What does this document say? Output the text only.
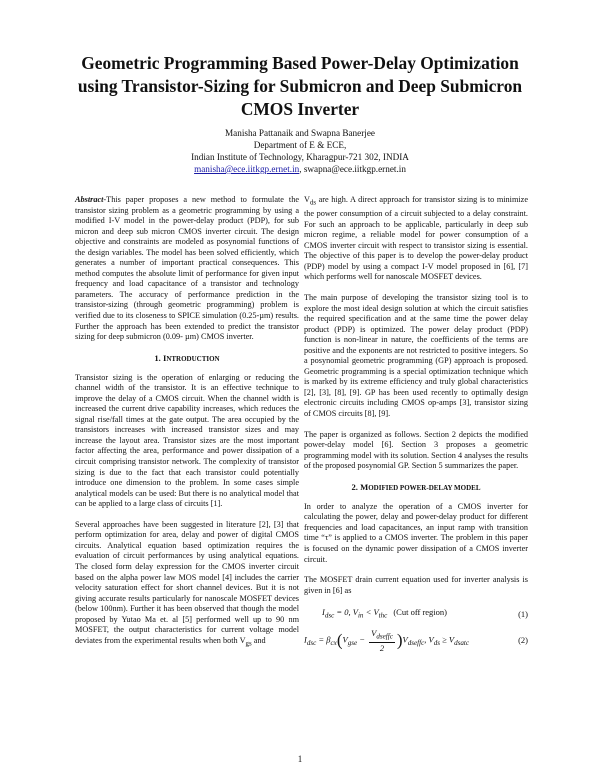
Geometric Programming Based Power-Delay Optimization using Transistor-Sizing for Submicron and Deep Submicron CMOS Inverter
Manisha Pattanaik and Swapna Banerjee
Department of E & ECE,
Indian Institute of Technology, Kharagpur-721 302, INDIA
manisha@ece.iitkgp.ernet.in, swapna@ece.iitkgp.ernet.in

Abstract-This paper proposes a new method to formulate the transistor sizing problem as a geometric programming by using a modified I-V model in the power-delay product (PDP), for sub micron and deep sub micron CMOS inverter circuit. The design objective and constraints are modeled as posynomial functions of the design variables. The model has been solved efficiently, which generates a number of important practical consequences. This method computes the absolute limit of performance for given input frequency and load capacitance of a transistor and technology parameters. The accuracy of performance prediction in the transistor-sizing (through geometric programming) problem is verified due to its closeness to SPICE simulation (0.25-µm) results. Further the approach has been extended to predict the transistor sizing for deep submicron (0.09- µm) CMOS inverter.

1. INTRODUCTION

Transistor sizing is the operation of enlarging or reducing the channel width of the transistor. It is an effective technique to improve the delay of a CMOS circuit. When the channel width is increased the current drive capability increases, which reduces the signal rise/fall times at the gate output. The area occupied by the transistors increases with increased transistor sizes and may increase the layout area. Transistor sizes are the most important factor affecting the area, performance and power dissipation of a circuit comprising transistor network. The complexity of transistor sizing is due to the fact that each transistor could potentially introduce one dimension to the problem. In some cases simple analytical models can be used: But there is no analytical model that can be applied to a large class of circuits [1].

Several approaches have been suggested in literature [2], [3] that perform optimization for area, delay and power of digital CMOS circuits. Analytical equation based optimization requires the evaluation of circuit performances by using analytical equations. The closed form delay expression for the CMOS inverter circuit based on the alpha power law MOS model [4] includes the carrier velocity saturation effect for short channel devices. But it is not giving accurate results particularly for nanoscale MOSFET devices (below 100nm). Further it has been observed that though the model proposed by Yutao Ma et. al [5] performed well up to 90 nm MOSFET, the output characteristics for current voltage model deviates from the experimental results when both $V_{gs}$ and

$V_{ds}$ are high. A direct approach for transistor sizing is to minimize the power consumption of a circuit subjected to a delay constraint. For such an approach to be applicable, particularly in deep sub micron regime, a reliable model for power consumption of a CMOS inverter circuit with respect to transistor sizing is essential. The objective of this paper is to develop the power-delay product (PDP) model by using a compact I-V model proposed in [6], [7] which performs well for nanoscale MOSFET devices.

The main purpose of developing the transistor sizing tool is to explore the most ideal design solution at which the circuit satisfies the required specification and at the same time the power delay product (PDP) is optimized. The power delay product (PDP) function is non-linear in nature, the coefficients of the terms are positive and the exponents are not restricted to positive integers. So a posynomial geometric programming (GP) approach is proposed. Geometric programming is a special optimization technique which is marked by its extreme efficiency and truly global characteristics [2], [3], [8], [9]. GP has been used recently to optimally design electronic circuits including CMOS op-amps [3], transistor sizing of CMOS circuits [8], [9].

The paper is organized as follows. Section 2 depicts the modified power-delay model [6]. Section 3 proposes a geometric programming model with its solution. Section 4 analyses the results of the proposed posynomial GP. Section 5 summarizes the paper.

2. MODIFIED POWER-DELAY MODEL

In order to analyze the operation of a CMOS inverter for calculating the power, delay and power-delay product for different frequencies and load capacitances, an input ramp with transition time “τ” is applied to a CMOS inverter. The problem in this paper is focused on the dynamic power dissipation of a CMOS inverter circuit.

The MOSFET drain current equation used for inverter analysis is given in [6] as

$I_{dsc} = 0$, $V_{in} < V_{thc}$ (Cut off region)	(1)
$I_{dsc} = \beta_{cx}(V_{gse} - \frac{V_{dseffc}}{2} )V_{dseffc}$, $V_{ds} \ge V_{dsatc}$	(2)
1
